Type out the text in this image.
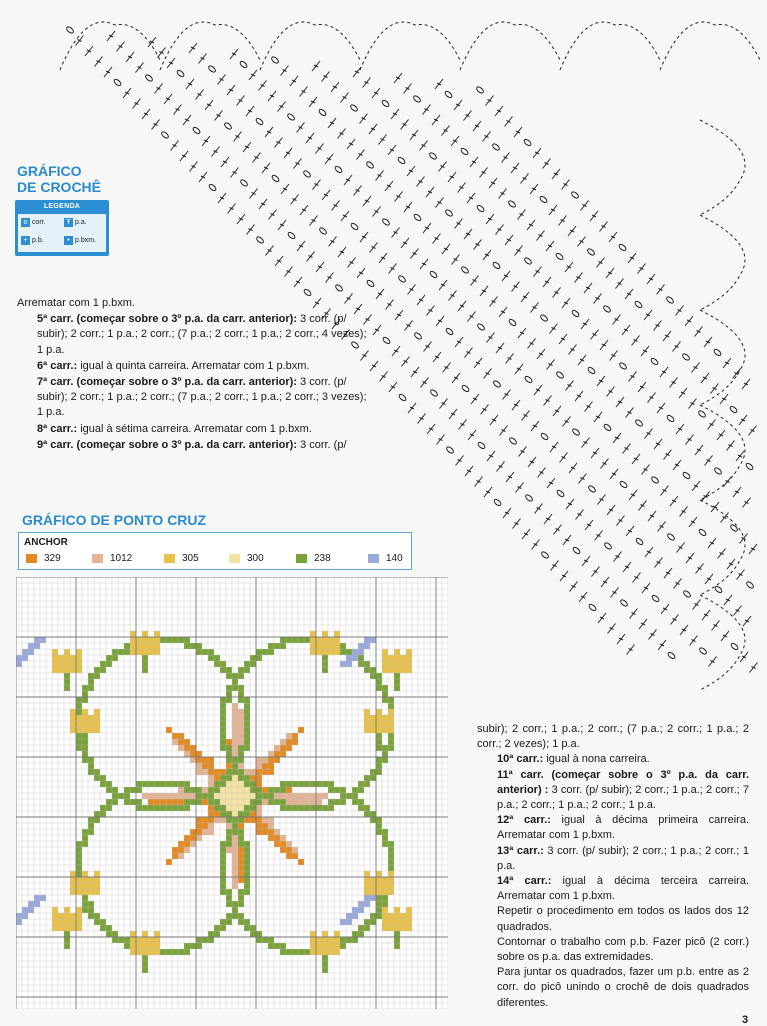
GRÁFICO
DE CROCHÊ
LEGENDA
o corr.	Ŧ p.a.
+ p.b.	• p.bxm.

Arrematar com 1 p.bxm.

5ª carr. (começar sobre o 3º p.a. da carr. anterior): 3 corr. (p/ subir); 2 corr.; 1 p.a.; 2 corr.; (7 p.a.; 2 corr.; 1 p.a.; 2 corr.; 4 vezes); 1 p.a.

6ª carr.: igual à quinta carreira. Arrematar com 1 p.bxm.

7ª carr. (começar sobre o 3º p.a. da carr. anterior): 3 corr. (p/ subir); 2 corr.; 1 p.a.; 2 corr.; (7 p.a.; 2 corr.; 1 p.a.; 2 corr.; 3 vezes); 1 p.a.

8ª carr.: igual à sétima carreira. Arrematar com 1 p.bxm.

9ª carr. (começar sobre o 3º p.a. da carr. anterior): 3 corr. (p/

GRÁFICO DE PONTO CRUZ
ANCHOR
329	1012	305	300	238	140

subir); 2 corr.; 1 p.a.; 2 corr.; (7 p.a.; 2 corr.; 1 p.a.; 2 corr.; 2 vezes); 1 p.a.

10ª carr.: igual à nona carreira.

11ª carr. (começar sobre o 3º p.a. da carr. anterior) : 3 corr. (p/ subir); 2 corr.; 1 p.a.; 2 corr.; 7 p.a.; 2 corr.; 1 p.a.; 2 corr.; 1 p.a.

12ª carr.: igual à décima primeira carreira. Arrematar com 1 p.bxm.

13ª carr.: 3 corr. (p/ subir); 2 corr.; 1 p.a.; 2 corr.; 1 p.a.

14ª carr.: igual à décima terceira carreira. Arrematar com 1 p.bxm.

Repetir o procedimento em todos os lados dos 12 quadrados.

Contornar o trabalho com p.b. Fazer picô (2 corr.) sobre os p.a. das extremidades.

Para juntar os quadrados, fazer um p.b. entre as 2 corr. do picô unindo o crochê de dois quadrados diferentes.

3
